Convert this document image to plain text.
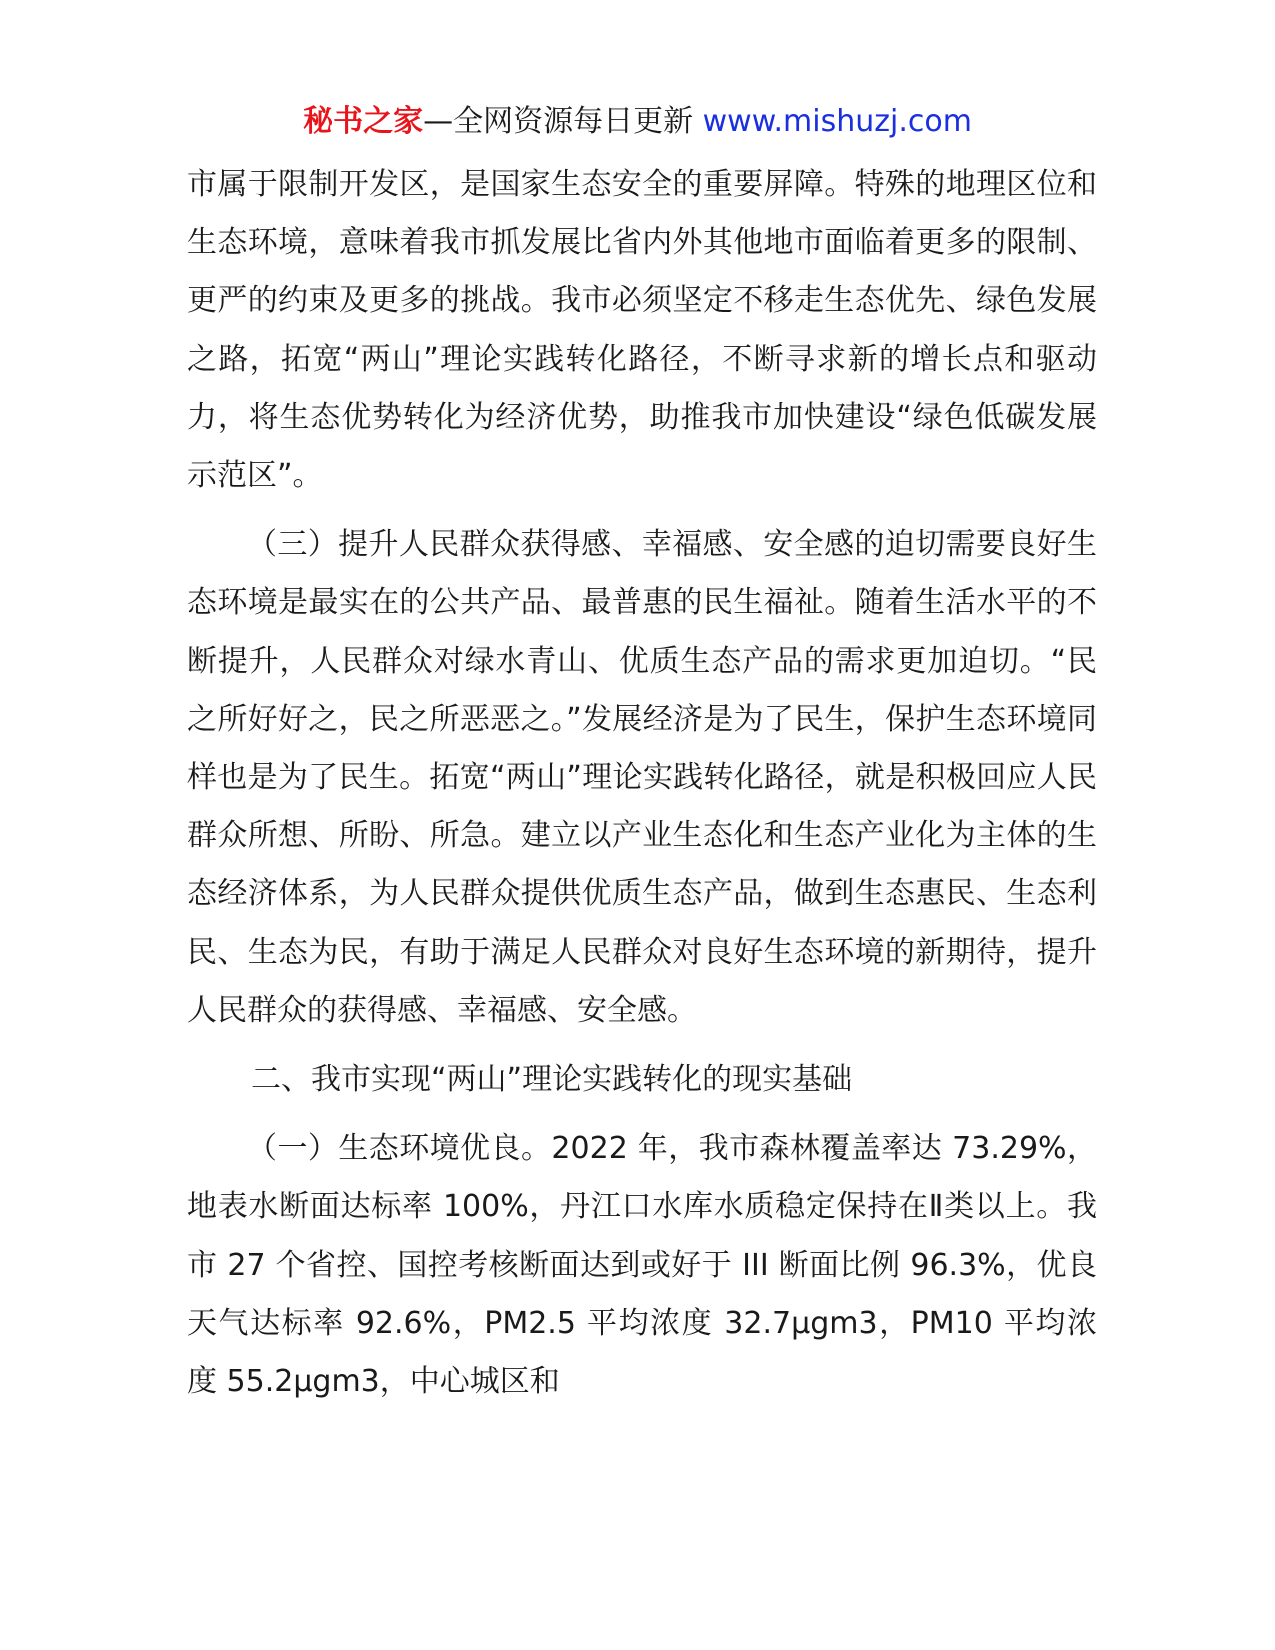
秘书之家—全网资源每日更新 www.mishuzj.com

市属于限制开发区，是国家生态安全的重要屏障。特殊的地理区位和生态环境，意味着我市抓发展比省内外其他地市面临着更多的限制、更严的约束及更多的挑战。我市必须坚定不移走生态优先、绿色发展之路，拓宽“两山”理论实践转化路径，不断寻求新的增长点和驱动力，将生态优势转化为经济优势，助推我市加快建设“绿色低碳发展示范区”。

（三）提升人民群众获得感、幸福感、安全感的迫切需要良好生态环境是最实在的公共产品、最普惠的民生福祉。随着生活水平的不断提升，人民群众对绿水青山、优质生态产品的需求更加迫切。“民之所好好之，民之所恶恶之。”发展经济是为了民生，保护生态环境同样也是为了民生。拓宽“两山”理论实践转化路径，就是积极回应人民群众所想、所盼、所急。建立以产业生态化和生态产业化为主体的生态经济体系，为人民群众提供优质生态产品，做到生态惠民、生态利民、生态为民，有助于满足人民群众对良好生态环境的新期待，提升人民群众的获得感、幸福感、安全感。

二、我市实现“两山”理论实践转化的现实基础

（一）生态环境优良。2022 年，我市森林覆盖率达 73.29%，地表水断面达标率 100%，丹江口水库水质稳定保持在Ⅱ类以上。我市 27 个省控、国控考核断面达到或好于 III 断面比例 96.3%，优良天气达标率 92.6%，PM2.5 平均浓度 32.7μgm3，PM10 平均浓度 55.2μgm3，中心城区和
